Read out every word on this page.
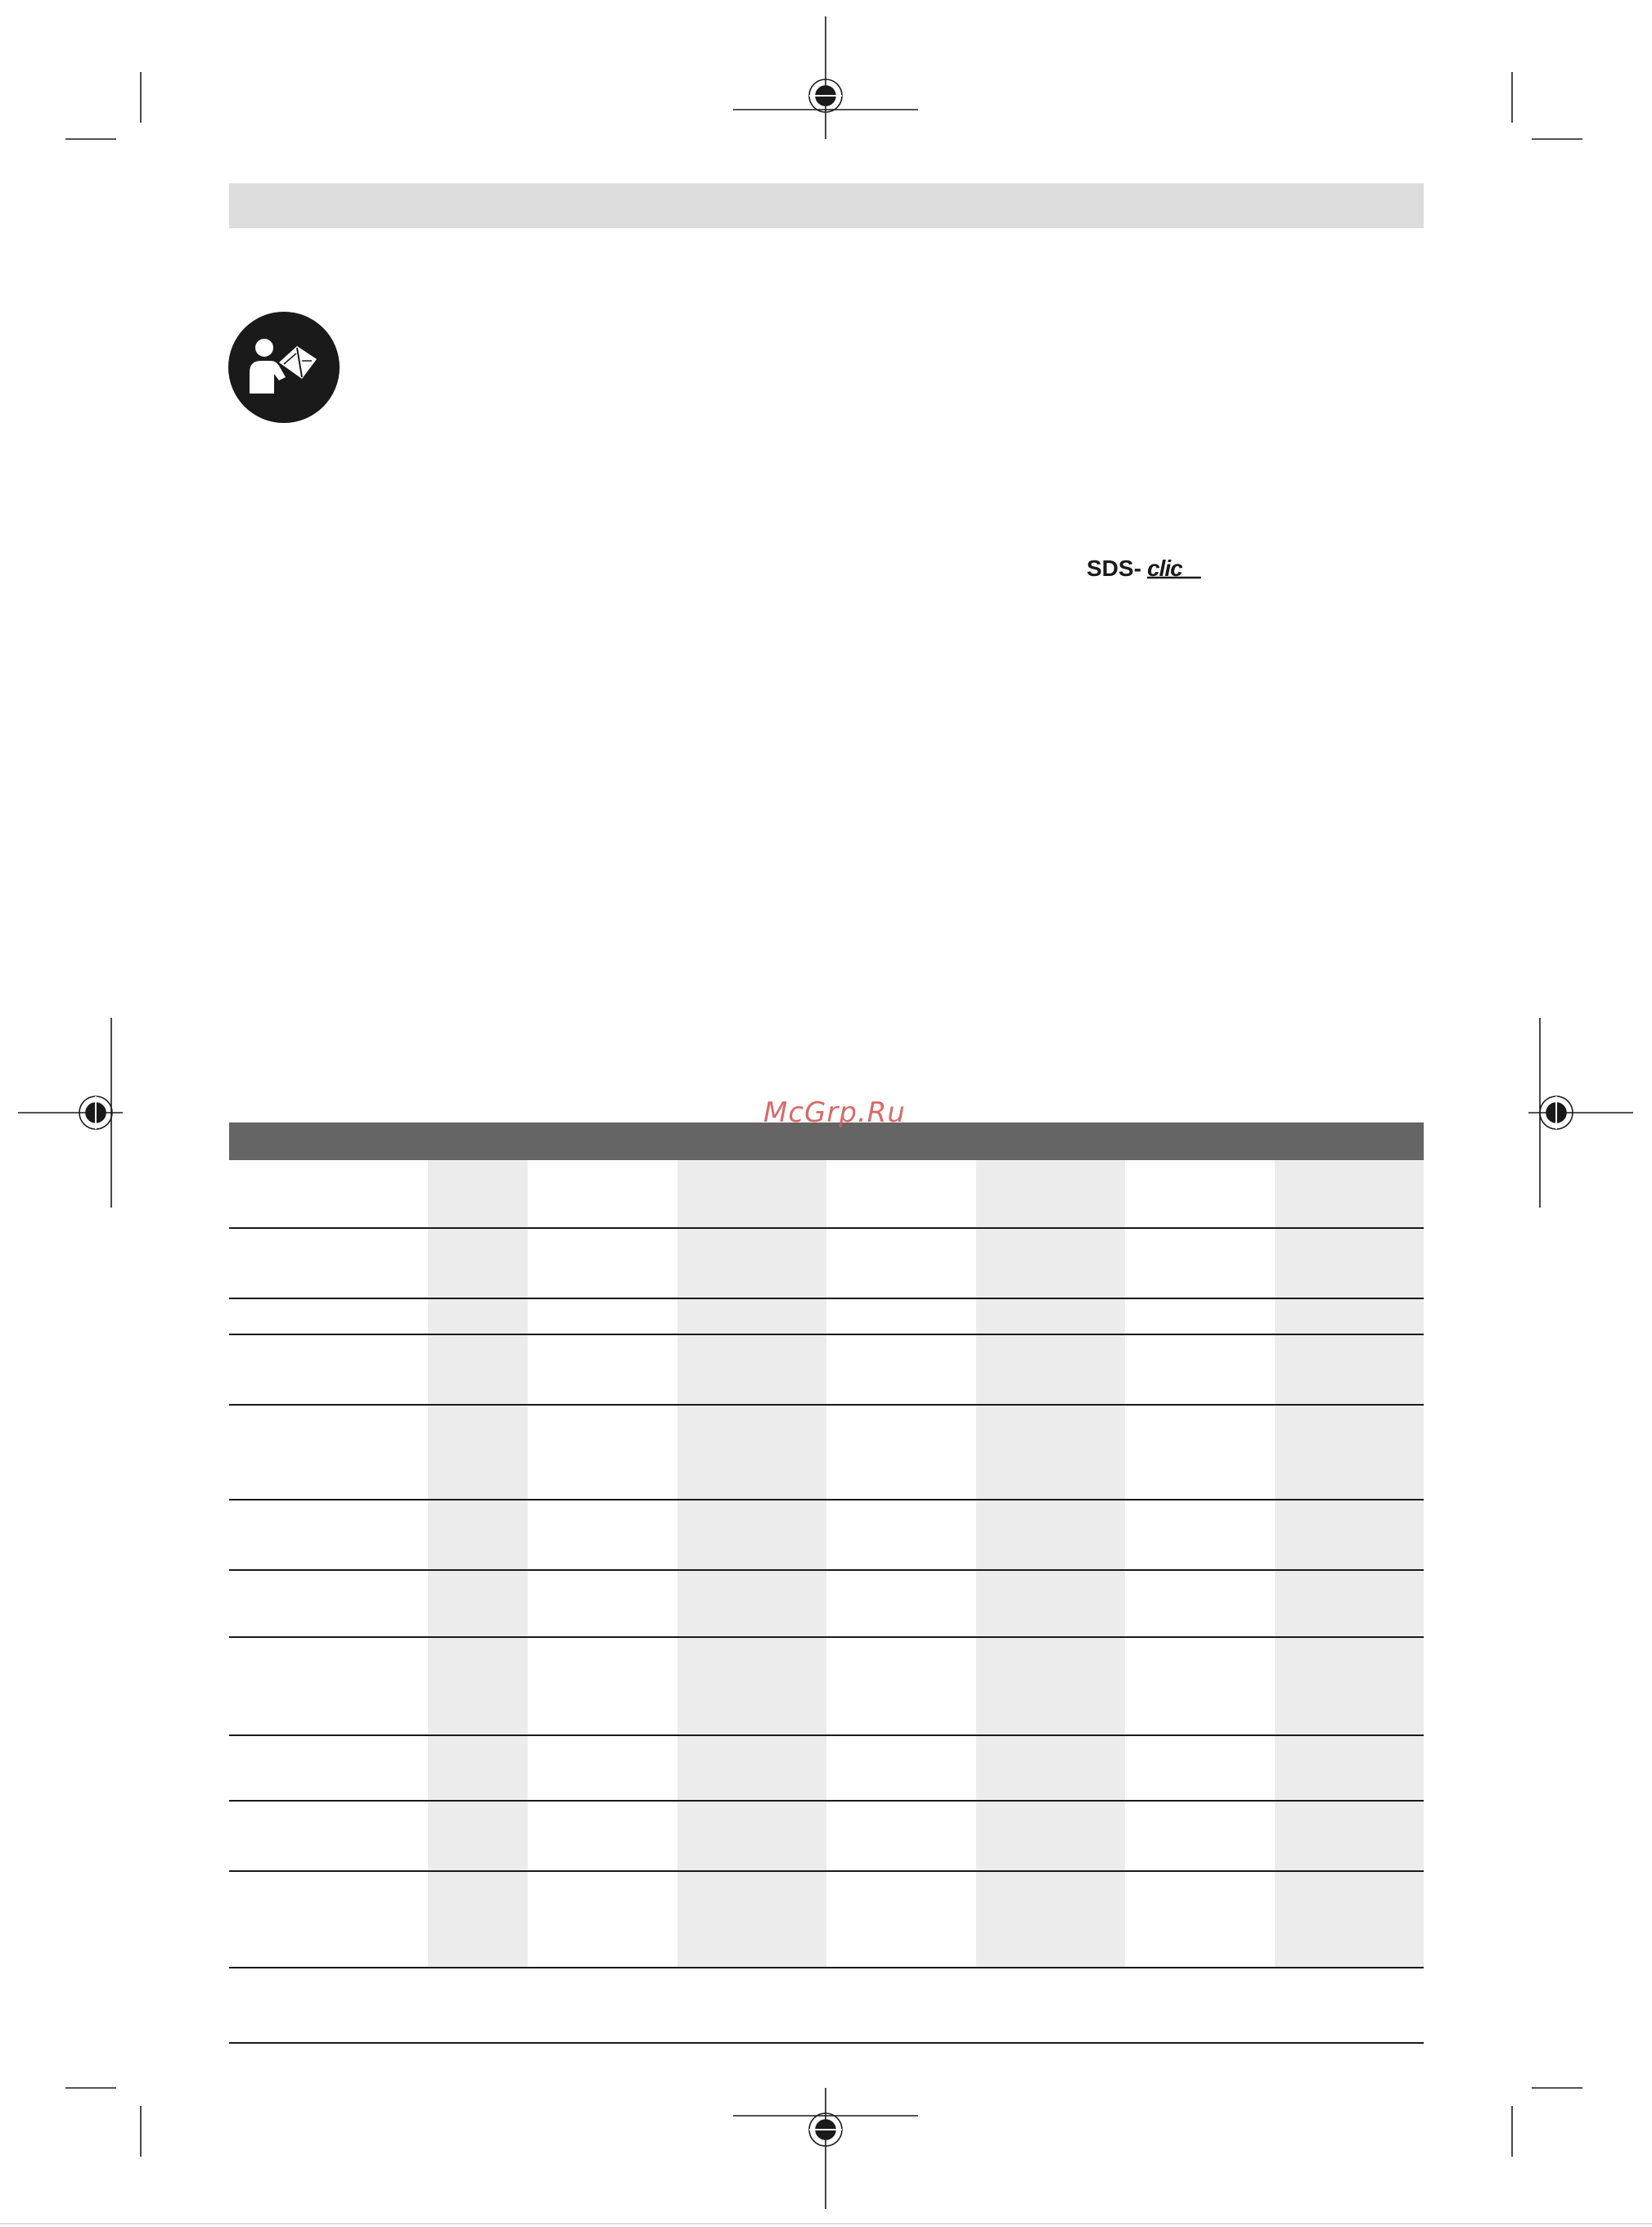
SDS- clic
McGrp.Ru
